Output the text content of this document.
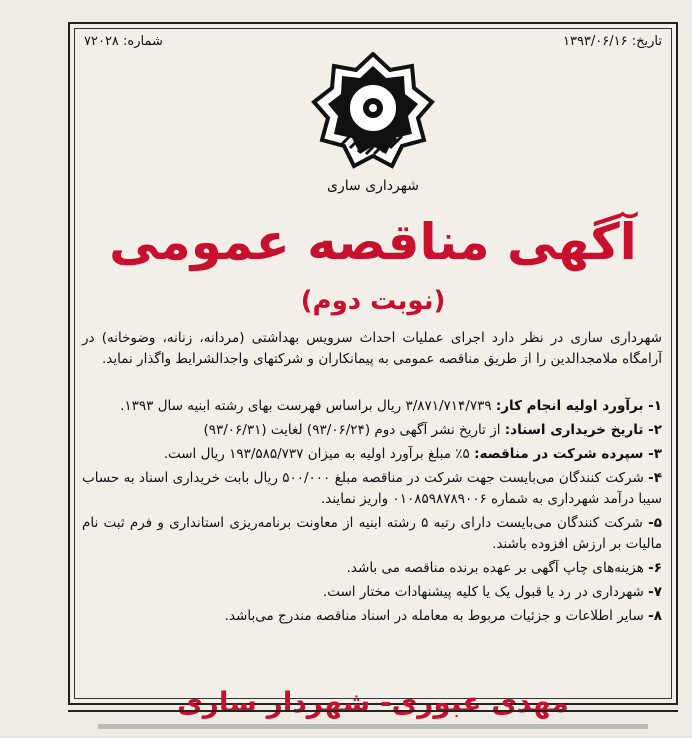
تاریخ: ۱۳۹۳/۰۶/۱۶
شماره: ۷۲۰۲۸
شهرداری ساری
آگهی مناقصه عمومی
(نوبت دوم)
شهرداری ساری در نظر دارد اجرای عملیات احداث سرویس بهداشتی (مردانه، زنانه، وضوخانه) در آرامگاه ملامجدالدین را از طریق مناقصه عمومی به پیمانکاران و شرکتهای واجدالشرایط واگذار نماید.
۱- برآورد اولیه انجام کار: ۳/۸۷۱/۷۱۴/۷۳۹ ریال براساس فهرست بهای رشته ابنیه سال ۱۳۹۳.
۲- تاریخ خریداری اسناد: از تاریخ نشر آگهی دوم (۹۳/۰۶/۲۴) لغایت (۹۳/۰۶/۳۱)
۳- سپرده شرکت در مناقصه: ۵٪ مبلغ برآورد اولیه به میزان ۱۹۳/۵۸۵/۷۳۷ ریال است.
۴- شرکت کنندگان می‌بایست جهت شرکت در مناقصه مبلغ ۵۰۰/۰۰۰ ریال بابت خریداری اسناد به حساب سیبا درآمد شهرداری به شماره ۰۱۰۸۵۹۸۷۸۹۰۰۶ واریز نمایند.
۵- شرکت کنندگان می‌بایست دارای رتبه ۵ رشته ابنیه از معاونت برنامه‌ریزی استانداری و فرم ثبت نام مالیات بر ارزش افزوده باشند.
۶- هزینه‌های چاپ آگهی بر عهده برنده مناقصه می باشد.
۷- شهرداری در رد یا قبول یک یا کلیه پیشنهادات مختار است.
۸- سایر اطلاعات و جزئیات مربوط به معامله در اسناد مناقصه مندرج می‌باشد.
مهدی عبوری- شهردار ساری
